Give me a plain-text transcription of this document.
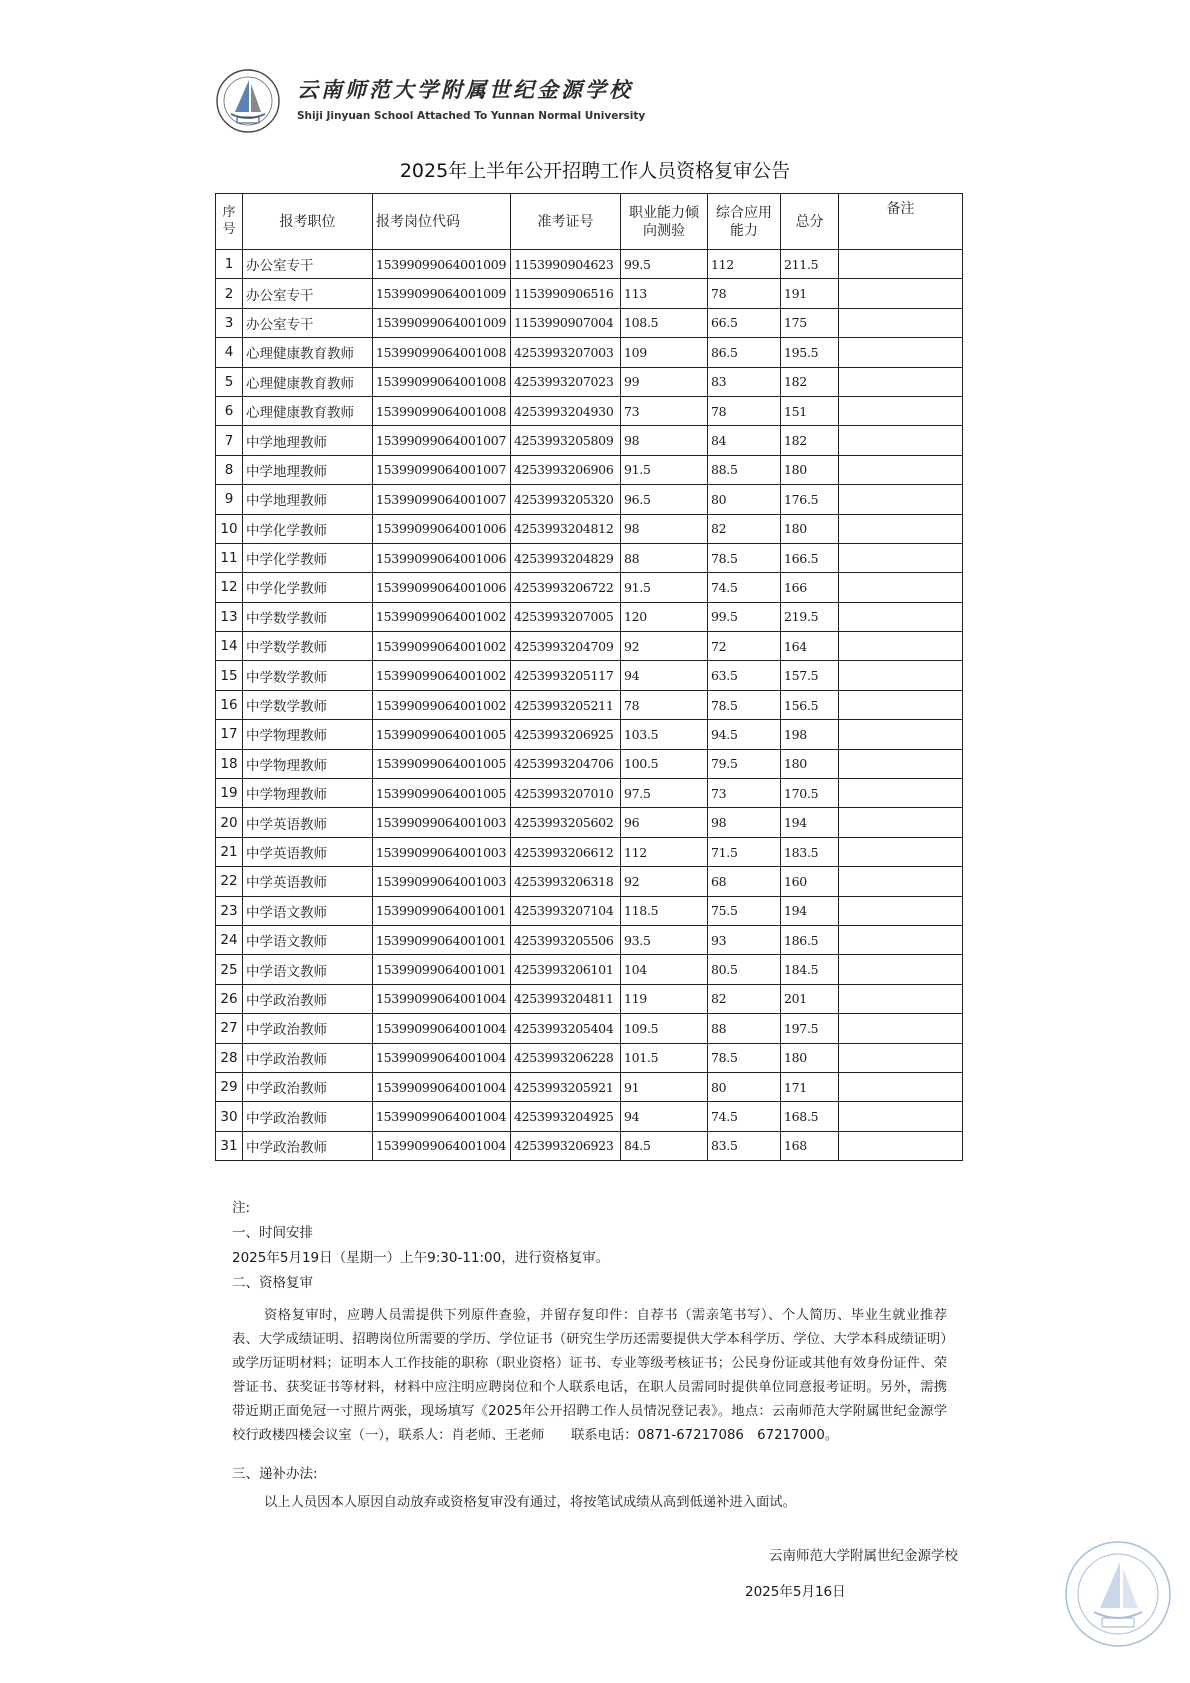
云南师范大学附属世纪金源学校
Shiji Jinyuan School Attached To Yunnan Normal University
2025年上半年公开招聘工作人员资格复审公告
序号	报考职位	报考岗位代码	准考证号	职业能力倾向测验	综合应用能力	总分	备注
1	办公室专干	15399099064001009	1153990904623	99.5	112	211.5	
2	办公室专干	15399099064001009	1153990906516	113	78	191	
3	办公室专干	15399099064001009	1153990907004	108.5	66.5	175	
4	心理健康教育教师	15399099064001008	4253993207003	109	86.5	195.5	
5	心理健康教育教师	15399099064001008	4253993207023	99	83	182	
6	心理健康教育教师	15399099064001008	4253993204930	73	78	151	
7	中学地理教师	15399099064001007	4253993205809	98	84	182	
8	中学地理教师	15399099064001007	4253993206906	91.5	88.5	180	
9	中学地理教师	15399099064001007	4253993205320	96.5	80	176.5	
10	中学化学教师	15399099064001006	4253993204812	98	82	180	
11	中学化学教师	15399099064001006	4253993204829	88	78.5	166.5	
12	中学化学教师	15399099064001006	4253993206722	91.5	74.5	166	
13	中学数学教师	15399099064001002	4253993207005	120	99.5	219.5	
14	中学数学教师	15399099064001002	4253993204709	92	72	164	
15	中学数学教师	15399099064001002	4253993205117	94	63.5	157.5	
16	中学数学教师	15399099064001002	4253993205211	78	78.5	156.5	
17	中学物理教师	15399099064001005	4253993206925	103.5	94.5	198	
18	中学物理教师	15399099064001005	4253993204706	100.5	79.5	180	
19	中学物理教师	15399099064001005	4253993207010	97.5	73	170.5	
20	中学英语教师	15399099064001003	4253993205602	96	98	194	
21	中学英语教师	15399099064001003	4253993206612	112	71.5	183.5	
22	中学英语教师	15399099064001003	4253993206318	92	68	160	
23	中学语文教师	15399099064001001	4253993207104	118.5	75.5	194	
24	中学语文教师	15399099064001001	4253993205506	93.5	93	186.5	
25	中学语文教师	15399099064001001	4253993206101	104	80.5	184.5	
26	中学政治教师	15399099064001004	4253993204811	119	82	201	
27	中学政治教师	15399099064001004	4253993205404	109.5	88	197.5	
28	中学政治教师	15399099064001004	4253993206228	101.5	78.5	180	
29	中学政治教师	15399099064001004	4253993205921	91	80	171	
30	中学政治教师	15399099064001004	4253993204925	94	74.5	168.5	
31	中学政治教师	15399099064001004	4253993206923	84.5	83.5	168	
注:
一、时间安排
2025年5月19日（星期一）上午9:30-11:00，进行资格复审。
二、资格复审
资格复审时，应聘人员需提供下列原件查验，并留存复印件：自荐书（需亲笔书写）、个人简历、毕业生就业推荐表、大学成绩证明、招聘岗位所需要的学历、学位证书（研究生学历还需要提供大学本科学历、学位、大学本科成绩证明）或学历证明材料；证明本人工作技能的职称（职业资格）证书、专业等级考核证书；公民身份证或其他有效身份证件、荣誉证书、获奖证书等材料，材料中应注明应聘岗位和个人联系电话，在职人员需同时提供单位同意报考证明。另外，需携带近期正面免冠一寸照片两张，现场填写《2025年公开招聘工作人员情况登记表》。地点：云南师范大学附属世纪金源学校行政楼四楼会议室（一），联系人：肖老师、王老师　　联系电话：0871-67217086　67217000。
三、递补办法:
以上人员因本人原因自动放弃或资格复审没有通过，将按笔试成绩从高到低递补进入面试。
云南师范大学附属世纪金源学校
2025年5月16日
